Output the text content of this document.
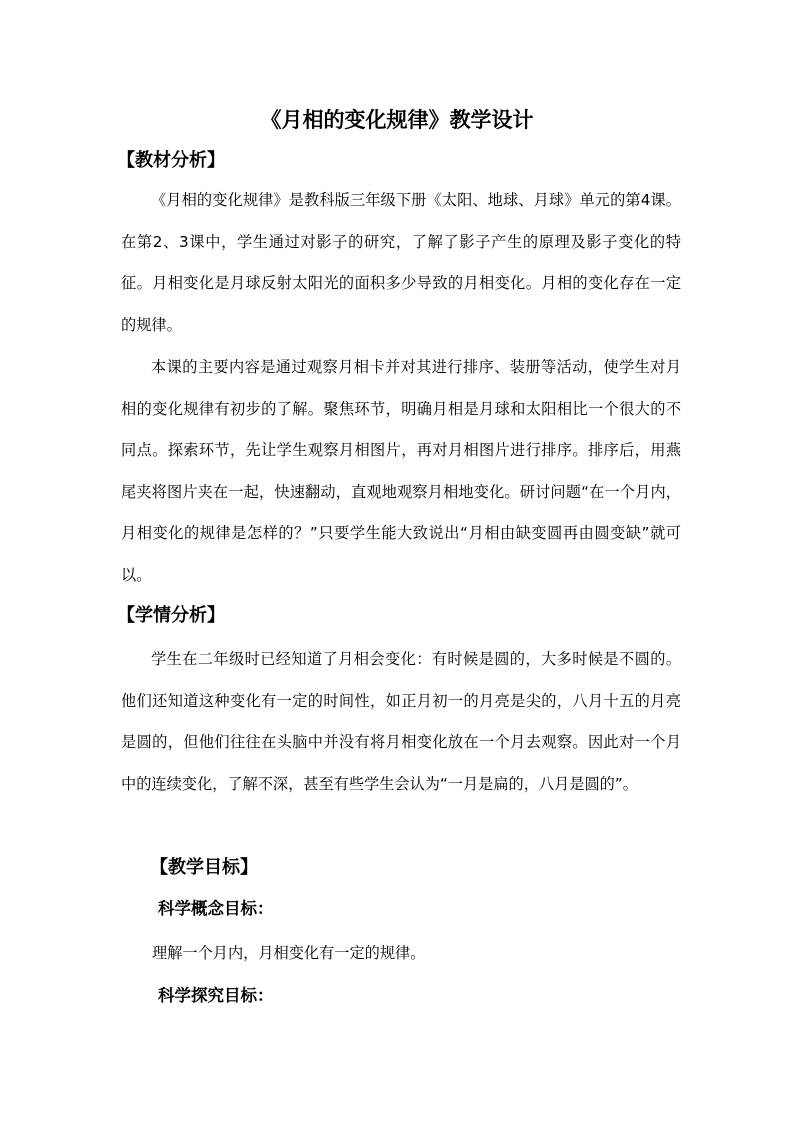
《月相的变化规律》教学设计
【教材分析】
《月相的变化规律》是教科版三年级下册《太阳、地球、月球》单元的第4课。在第2、3课中，学生通过对影子的研究，了解了影子产生的原理及影子变化的特征。月相变化是月球反射太阳光的面积多少导致的月相变化。月相的变化存在一定的规律。
本课的主要内容是通过观察月相卡并对其进行排序、装册等活动，使学生对月相的变化规律有初步的了解。聚焦环节，明确月相是月球和太阳相比一个很大的不同点。探索环节，先让学生观察月相图片，再对月相图片进行排序。排序后，用燕尾夹将图片夹在一起，快速翻动，直观地观察月相地变化。研讨问题“在一个月内，月相变化的规律是怎样的？”只要学生能大致说出“月相由缺变圆再由圆变缺”就可以。
【学情分析】
学生在二年级时已经知道了月相会变化：有时候是圆的，大多时候是不圆的。他们还知道这种变化有一定的时间性，如正月初一的月亮是尖的，八月十五的月亮是圆的，但他们往往在头脑中并没有将月相变化放在一个月去观察。因此对一个月中的连续变化，了解不深，甚至有些学生会认为“一月是扁的，八月是圆的”。
【教学目标】
科学概念目标：
理解一个月内，月相变化有一定的规律。
科学探究目标：
